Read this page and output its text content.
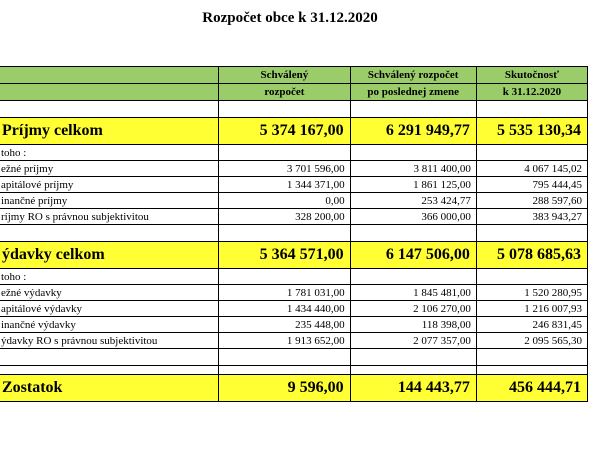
Rozpočet obce k 31.12.2020
	Schválený	Schválený rozpočet	Skutočnosť
	rozpočet	po poslednej zmene	k 31.12.2020

Príjmy celkom	5 374 167,00	6 291 949,77	5 535 130,34
toho :			
ežné príjmy	3 701 596,00	3 811 400,00	4 067 145,02
apitálové príjmy	1 344 371,00	1 861 125,00	795 444,45
inančné príjmy	0,00	253 424,77	288 597,60
ríjmy RO s právnou subjektivitou	328 200,00	366 000,00	383 943,27

ýdavky celkom	5 364 571,00	6 147 506,00	5 078 685,63
toho :			
ežné výdavky	1 781 031,00	1 845 481,00	1 520 280,95
apitálové výdavky	1 434 440,00	2 106 270,00	1 216 007,93
inančné výdavky	235 448,00	118 398,00	246 831,45
ýdavky RO s právnou subjektivitou	1 913 652,00	2 077 357,00	2 095 565,30

Zostatok	9 596,00	144 443,77	456 444,71
